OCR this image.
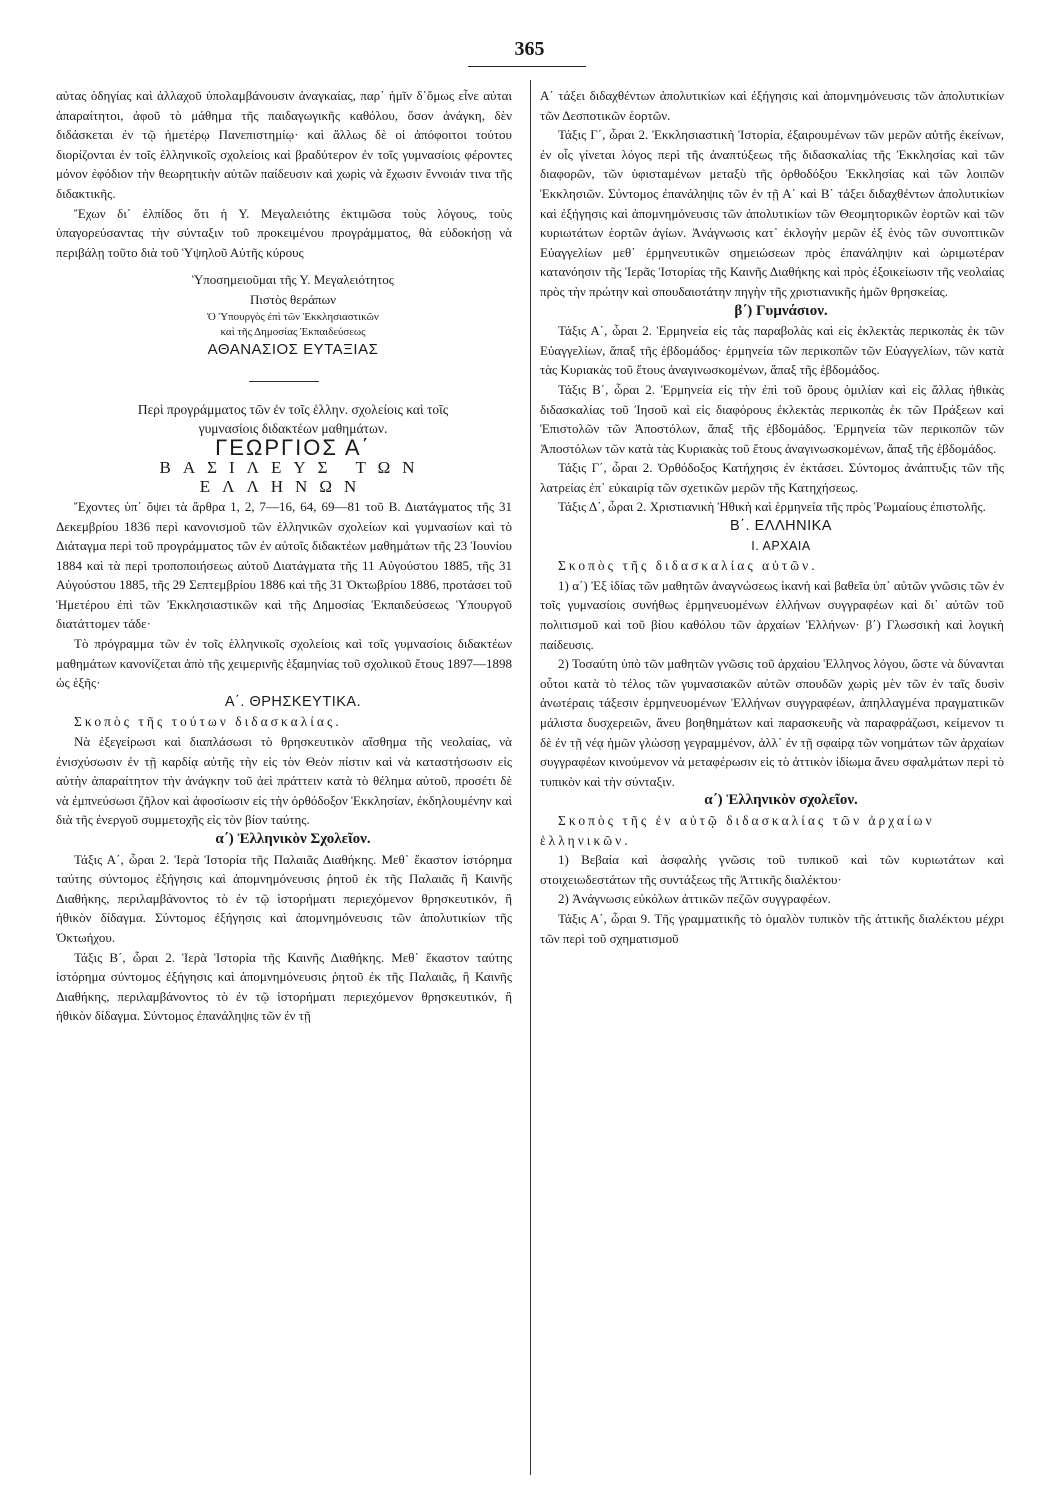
365

αὐτας ὁδηγίας καὶ ἀλλαχοῦ ὑπολαμβάνουσιν ἀναγκαίας, παρ᾽ ἡμῖν δ᾽ὅμως εἶνε αὐται ἀπαραίτητοι, ἀφοῦ τὸ μάθημα τῆς παιδαγωγικῆς καθόλου, ὅσον ἀνάγκη, δὲν διδάσκεται ἐν τῷ ἡμετέρῳ Πανεπιστημίῳ· καὶ ἄλλως δὲ οἱ ἀπόφοιτοι τούτου διορίζονται ἐν τοῖς ἑλληνικοῖς σχολείοις καὶ βραδύτερον ἐν τοῖς γυμνασίοις φέροντες μόνον ἐφόδιον τὴν θεωρητικὴν αὐτῶν παίδευσιν καὶ χωρὶς νὰ ἔχωσιν ἔννοιάν τινα τῆς διδακτικῆς.

Ἔχων δι᾽ ἐλπίδος ὅτι ἡ Υ. Μεγαλειότης ἐκτιμῶσα τοὺς λόγους, τοὺς ὑπαγορεύσαντας τὴν σύνταξιν τοῦ προκειμένου προγράμματος, θὰ εὐδοκήσῃ νὰ περιβάλῃ τοῦτο διὰ τοῦ Ὑψηλοῦ Αὐτῆς κύρους

Ὑποσημειοῦμαι τῆς Υ. Μεγαλειότητος

Πιστὸς θεράπων

Ὁ Ὑπουργὸς ἐπὶ τῶν Ἐκκλησιαστικῶν

καὶ τῆς Δημοσίας Ἐκπαιδεύσεως

ΑΘΑΝΑΣΙΟΣ ΕΥΤΑΞΙΑΣ

Περὶ προγράμματος τῶν ἐν τοῖς ἑλλην. σχολείοις καὶ τοῖς

γυμνασίοις διδακτέων μαθημάτων.

ΓΕΩΡΓΙΟΣ Α΄

ΒΑΣΙΛΕΥΣ ΤΩΝ ΕΛΛΗΝΩΝ

Ἔχοντες ὑπ᾽ ὄψει τὰ ἄρθρα 1, 2, 7—16, 64, 69—81 τοῦ Β. Διατάγματος τῆς 31 Δεκεμβρίου 1836 περὶ κανονισμοῦ τῶν ἑλληνικῶν σχολείων καὶ γυμνασίων καὶ τὸ Διάταγμα περὶ τοῦ προγράμματος τῶν ἐν αὐτοῖς διδακτέων μαθημάτων τῆς 23 Ἰουνίου 1884 καὶ τὰ περὶ τροποποιήσεως αὐτοῦ Διατάγματα τῆς 11 Αὐγούστου 1885, τῆς 31 Αὐγούστου 1885, τῆς 29 Σεπτεμβρίου 1886 καὶ τῆς 31 Ὀκτωβρίου 1886, προτάσει τοῦ Ἡμετέρου ἐπὶ τῶν Ἐκκλησιαστικῶν καὶ τῆς Δημοσίας Ἐκπαιδεύσεως Ὑπουργοῦ διατάττομεν τάδε·

Τὸ πρόγραμμα τῶν ἐν τοῖς ἑλληνικοῖς σχολείοις καὶ τοῖς γυμνασίοις διδακτέων μαθημάτων κανονίζεται ἀπὸ τῆς χειμερινῆς ἑξαμηνίας τοῦ σχολικοῦ ἔτους 1897—1898 ὡς ἑξῆς·

Α΄. ΘΡΗΣΚΕΥΤΙΚΑ.

Σκοπὸς τῆς τούτων διδασκαλίας.

Νὰ ἐξεγείρωσι καὶ διαπλάσωσι τὸ θρησκευτικὸν αἴσθημα τῆς νεολαίας, νὰ ἐνισχύσωσιν ἐν τῇ καρδίᾳ αὐτῆς τὴν εἰς τὸν Θεὸν πίστιν καὶ νὰ καταστήσωσιν εἰς αὐτὴν ἀπαραίτητον τὴν ἀνάγκην τοῦ ἀεὶ πράττειν κατὰ τὸ θέλημα αὐτοῦ, προσέτι δὲ νὰ ἐμπνεύσωσι ζῆλον καὶ ἀφοσίωσιν εἰς τὴν ὀρθόδοξον Ἐκκλησίαν, ἐκδηλουμένην καὶ διὰ τῆς ἐνεργοῦ συμμετοχῆς εἰς τὸν βίον ταύτης.

α΄) Ἑλληνικὸν Σχολεῖον.

Τάξις Α΄, ὧραι 2. Ἱερὰ Ἱστορία τῆς Παλαιᾶς Διαθήκης. Μεθ᾽ ἕκαστον ἱστόρημα ταύτης σύντομος ἐξήγησις καὶ ἀπομνημόνευσις ῥητοῦ ἐκ τῆς Παλαιᾶς ἢ Καινῆς Διαθήκης, περιλαμβάνοντος τὸ ἐν τῷ ἱστορήματι περιεχόμενον θρησκευτικόν, ἢ ἠθικὸν δίδαγμα. Σύντομος ἐξήγησις καὶ ἀπομνημόνευσις τῶν ἀπολυτικίων τῆς Ὀκτωήχου.

Τάξις Β΄, ὧραι 2. Ἱερὰ Ἱστορία τῆς Καινῆς Διαθήκης. Μεθ᾽ ἕκαστον ταύτης ἱστόρημα σύντομος ἐξήγησις καὶ ἀπομνημόνευσις ῥητοῦ ἐκ τῆς Παλαιᾶς, ἢ Καινῆς Διαθήκης, περιλαμβάνοντος τὸ ἐν τῷ ἱστορήματι περιεχόμενον θρησκευτικόν, ἢ ἠθικὸν δίδαγμα. Σύντομος ἐπανάληψις τῶν ἐν τῇ

Α΄ τάξει διδαχθέντων ἀπολυτικίων καὶ ἐξήγησις καὶ ἀπομνημόνευσις τῶν ἀπολυτικίων τῶν Δεσποτικῶν ἑορτῶν.

Τάξις Γ΄, ὧραι 2. Ἐκκλησιαστικὴ Ἱστορία, ἐξαιρουμένων τῶν μερῶν αὐτῆς ἐκείνων, ἐν οἷς γίνεται λόγος περὶ τῆς ἀναπτύξεως τῆς διδασκαλίας τῆς Ἐκκλησίας καὶ τῶν διαφορῶν, τῶν ὑφισταμένων μεταξὺ τῆς ὀρθοδόξου Ἐκκλησίας καὶ τῶν λοιπῶν Ἐκκλησιῶν. Σύντομος ἐπανάληψις τῶν ἐν τῇ Α΄ καὶ Β΄ τάξει διδαχθέντων ἀπολυτικίων καὶ ἐξήγησις καὶ ἀπομνημόνευσις τῶν ἀπολυτικίων τῶν Θεομητορικῶν ἑορτῶν καὶ τῶν κυριωτάτων ἑορτῶν ἁγίων. Ἀνάγνωσις κατ᾽ ἐκλογὴν μερῶν ἐξ ἑνὸς τῶν συνοπτικῶν Εὐαγγελίων μεθ᾽ ἑρμηνευτικῶν σημειώσεων πρὸς ἐπανάληψιν καὶ ὡριμωτέραν κατανόησιν τῆς Ἱερᾶς Ἱστορίας τῆς Καινῆς Διαθήκης καὶ πρὸς ἐξοικείωσιν τῆς νεολαίας πρὸς τὴν πρώτην καὶ σπουδαιοτάτην πηγὴν τῆς χριστιανικῆς ἡμῶν θρησκείας.

β΄) Γυμνάσιον.

Τάξις Α΄, ὧραι 2. Ἑρμηνεία εἰς τὰς παραβολὰς καὶ εἰς ἐκλεκτὰς περικοπὰς ἐκ τῶν Εὐαγγελίων, ἅπαξ τῆς ἑβδομάδος· ἑρμηνεία τῶν περικοπῶν τῶν Εὐαγγελίων, τῶν κατὰ τὰς Κυριακὰς τοῦ ἔτους ἀναγινωσκομένων, ἅπαξ τῆς ἑβδομάδος.

Τάξις Β΄, ὧραι 2. Ἑρμηνεία εἰς τὴν ἐπὶ τοῦ ὄρους ὁμιλίαν καὶ εἰς ἄλλας ἠθικὰς διδασκαλίας τοῦ Ἰησοῦ καὶ εἰς διαφόρους ἐκλεκτὰς περικοπὰς ἐκ τῶν Πράξεων καὶ Ἐπιστολῶν τῶν Ἀποστόλων, ἅπαξ τῆς ἑβδομάδος. Ἑρμηνεία τῶν περικοπῶν τῶν Ἀποστόλων τῶν κατὰ τὰς Κυριακὰς τοῦ ἔτους ἀναγινωσκομένων, ἅπαξ τῆς ἑβδομάδος.

Τάξις Γ΄, ὧραι 2. Ὀρθόδοξος Κατήχησις ἐν ἐκτάσει. Σύντομος ἀνάπτυξις τῶν τῆς λατρείας ἐπ᾽ εὐκαιρίᾳ τῶν σχετικῶν μερῶν τῆς Κατηχήσεως.

Τάξις Δ΄, ὧραι 2. Χριστιανικὴ Ἠθικὴ καὶ ἑρμηνεία τῆς πρὸς Ῥωμαίους ἐπιστολῆς.

Β΄. ΕΛΛΗΝΙΚΑ

Ι. ΑΡΧΑΙΑ

Σκοπὸς τῆς διδασκαλίας αὐτῶν.

1) α΄) Ἐξ ἰδίας τῶν μαθητῶν ἀναγνώσεως ἱκανὴ καὶ βαθεῖα ὑπ᾽ αὐτῶν γνῶσις τῶν ἐν τοῖς γυμνασίοις συνήθως ἑρμηνευομένων ἑλλήνων συγγραφέων καὶ δι᾽ αὐτῶν τοῦ πολιτισμοῦ καὶ τοῦ βίου καθόλου τῶν ἀρχαίων Ἑλλήνων· β΄) Γλωσσικὴ καὶ λογικὴ παίδευσις.

2) Τοσαύτη ὑπὸ τῶν μαθητῶν γνῶσις τοῦ ἀρχαίου Ἑλληνος λόγου, ὥστε νὰ δύνανται οὗτοι κατὰ τὸ τέλος τῶν γυμνασιακῶν αὐτῶν σπουδῶν χωρὶς μὲν τῶν ἐν ταῖς δυσὶν ἀνωτέραις τάξεσιν ἑρμηνευομένων Ἑλλήνων συγγραφέων, ἀπηλλαγμένα πραγματικῶν μάλιστα δυσχερειῶν, ἄνευ βοηθημάτων καὶ παρασκευῆς νὰ παραφράζωσι, κείμενον τι δὲ ἐν τῇ νέᾳ ἡμῶν γλώσσῃ γεγραμμένον, ἀλλ᾽ ἐν τῇ σφαίρᾳ τῶν νοημάτων τῶν ἀρχαίων συγγραφέων κινούμενον νὰ μεταφέρωσιν εἰς τὸ ἀττικὸν ἰδίωμα ἄνευ σφαλμάτων περὶ τὸ τυπικὸν καὶ τὴν σύνταξιν.

α΄) Ἑλληνικὸν σχολεῖον.

Σκοπὸς τῆς ἐν αὐτῷ διδασκαλίας τῶν ἀρχαίων ἑλληνικῶν.

1) Βεβαία καὶ ἀσφαλὴς γνῶσις τοῦ τυπικοῦ καὶ τῶν κυριωτάτων καὶ στοιχειωδεστάτων τῆς συντάξεως τῆς Ἀττικῆς διαλέκτου·

2) Ἀνάγνωσις εὐκόλων ἀττικῶν πεζῶν συγγραφέων.

Τάξις Α΄, ὧραι 9. Τῆς γραμματικῆς τὸ ὁμαλὸν τυπικὸν τῆς ἀττικῆς διαλέκτου μέχρι τῶν περὶ τοῦ σχηματισμοῦ
